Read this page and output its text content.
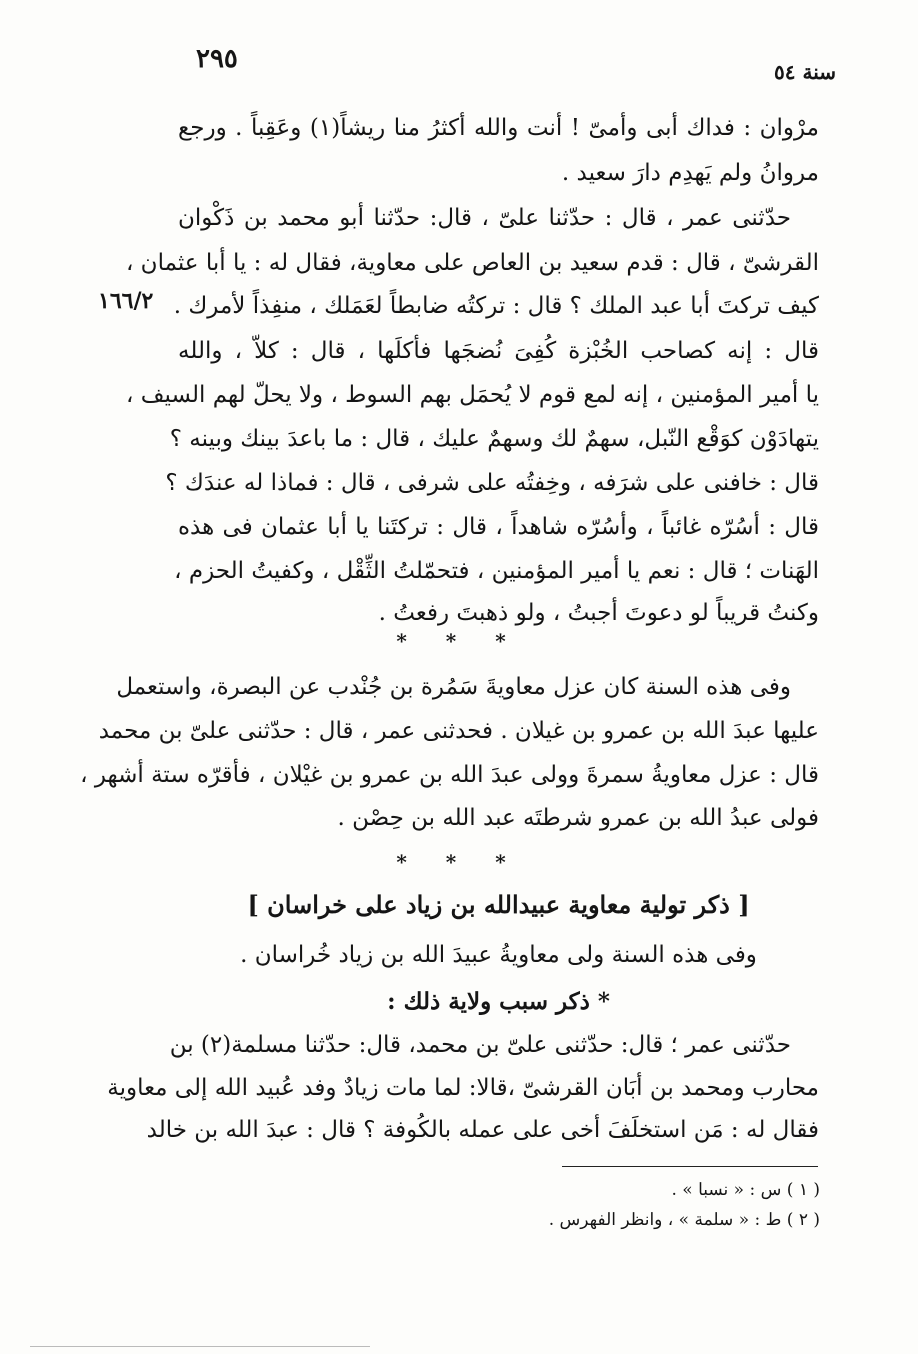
٢٩٥	سنة ٥٤
١٦٦/٢
مرْوان : فداك أبى وأمىّ ! أنت والله أكثرُ منا ريشاً(١) وعَقِباً . ورجع
مروانُ ولم يَهدِم دارَ سعيد .
حدّثنى عمر ، قال : حدّثنا علىّ ، قال: حدّثنا أبو محمد بن ذَكْوان
القرشىّ ، قال : قدم سعيد بن العاص على معاوية، فقال له : يا أبا عثمان ،
كيف تركتَ أبا عبد الملك ؟ قال : تركتُه ضابطاً لعَمَلك ، منفِذاً لأمرك .
قال : إنه كصاحب الخُبْزة كُفِىَ نُضجَها فأكلَها ، قال : كلاّ ، والله
يا أمير المؤمنين ، إنه لمع قوم لا يُحمَل بهم السوط ، ولا يحلّ لهم السيف ،
يتهادَوْن كوَقْع النّبل، سهمٌ لك وسهمٌ عليك ، قال : ما باعدَ بينك وبينه ؟
قال : خافنى على شرَفه ، وخِفتُه على شرفى ، قال : فماذا له عندَك ؟
قال : أسُرّه غائباً ، وأسُرّه شاهداً ، قال : تركتَنا يا أبا عثمان فى هذه
الهَنات ؛ قال : نعم يا أمير المؤمنين ، فتحمّلتُ الثِّقْل ، وكفيتُ الحزم ،
وكنتُ قريباً لو دعوتَ أجبتُ ، ولو ذهبتَ رفعتُ .
* * *
وفى هذه السنة كان عزل معاويةَ سَمُرة بن جُنْدب عن البصرة، واستعمل
عليها عبدَ الله بن عمرو بن غيلان . فحدثنى عمر ، قال : حدّثنى علىّ بن محمد
قال : عزل معاويةُ سمرةَ وولى عبدَ الله بن عمرو بن غيْلان ، فأقرّه ستة أشهر ،
فولى عبدُ الله بن عمرو شرطتَه عبد الله بن حِصْن .
* * *
[ ذكر تولية معاوية عبيدالله بن زياد على خراسان ]
وفى هذه السنة ولى معاويةُ عبيدَ الله بن زياد خُراسان .
* ذكر سبب ولاية ذلك :
حدّثنى عمر ؛ قال: حدّثنى علىّ بن محمد، قال: حدّثنا مسلمة(٢) بن
محارب ومحمد بن أبَان القرشىّ ،قالا: لما مات زيادٌ وفد عُبيد الله إلى معاوية
فقال له : مَن استخلَفَ أخى على عمله بالكُوفة ؟ قال : عبدَ الله بن خالد
( ١ ) س : « نسبا » .
( ٢ ) ط : « سلمة » ، وانظر الفهرس .
